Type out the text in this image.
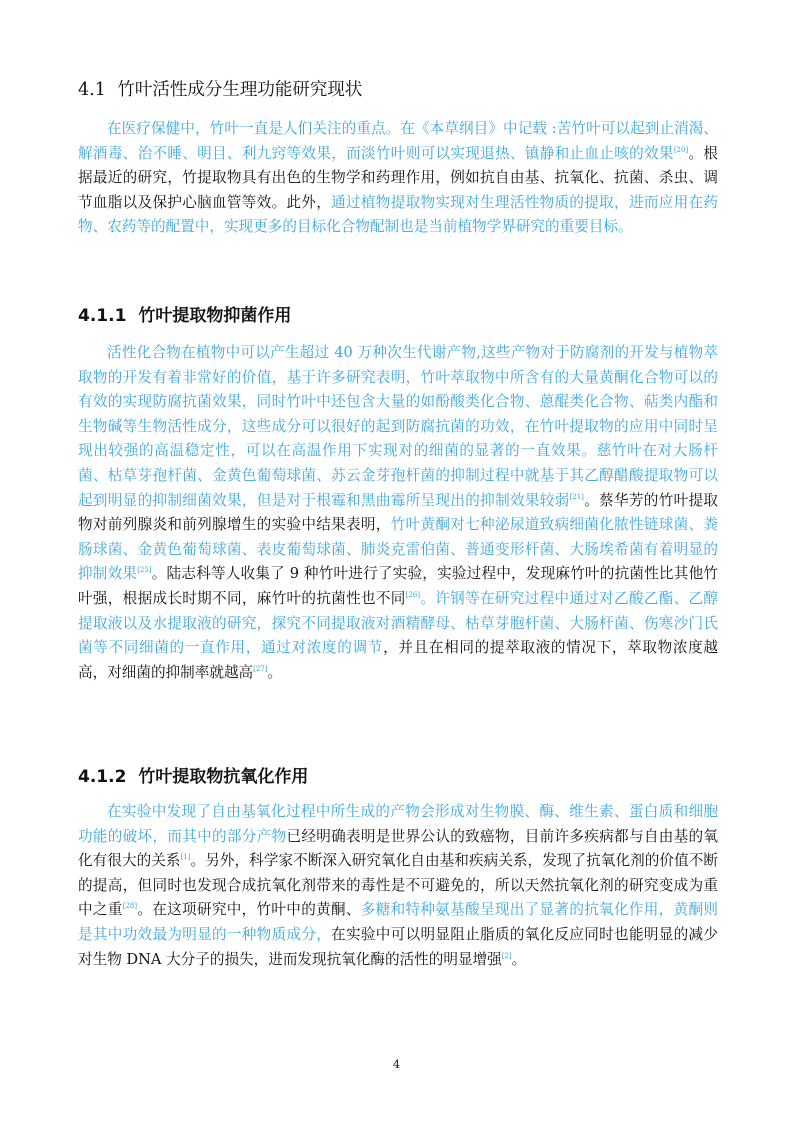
4.1 竹叶活性成分生理功能研究现状

在医疗保健中，竹叶一直是人们关注的重点。在《本草纲目》中记载 :苦竹叶可以起到止消渴、解酒毒、治不睡、明目、利九窍等效果，而淡竹叶则可以实现退热、镇静和止血止咳的效果[20]。根据最近的研究，竹提取物具有出色的生物学和药理作用，例如抗自由基、抗氧化、抗菌、杀虫、调节血脂以及保护心脑血管等效。此外，通过植物提取物实现对生理活性物质的提取，进而应用在药物、农药等的配置中，实现更多的目标化合物配制也是当前植物学界研究的重要目标。

4.1.1 竹叶提取物抑菌作用

活性化合物在植物中可以产生超过 40 万种次生代谢产物,这些产物对于防腐剂的开发与植物萃取物的开发有着非常好的价值，基于许多研究表明，竹叶萃取物中所含有的大量黄酮化合物可以的有效的实现防腐抗菌效果，同时竹叶中还包含大量的如酚酸类化合物、蒽醌类化合物、萜类内酯和生物碱等生物活性成分，这些成分可以很好的起到防腐抗菌的功效，在竹叶提取物的应用中同时呈现出较强的高温稳定性，可以在高温作用下实现对的细菌的显著的一直效果。慈竹叶在对大肠杆菌、枯草芽孢杆菌、金黄色葡萄球菌、苏云金芽孢杆菌的抑制过程中就基于其乙醇醋酸提取物可以起到明显的抑制细菌效果，但是对于根霉和黑曲霉所呈现出的抑制效果较弱[21]。蔡华芳的竹叶提取物对前列腺炎和前列腺增生的实验中结果表明，竹叶黄酮对七种泌尿道致病细菌化脓性链球菌、粪肠球菌、金黄色葡萄球菌、表皮葡萄球菌、肺炎克雷伯菌、普通变形杆菌、大肠埃希菌有着明显的抑制效果[25]。陆志科等人收集了 9 种竹叶进行了实验，实验过程中，发现麻竹叶的抗菌性比其他竹叶强，根据成长时期不同，麻竹叶的抗菌性也不同[26]。许钢等在研究过程中通过对乙酸乙酯、乙醇提取液以及水提取液的研究，探究不同提取液对酒精酵母、枯草芽胞杆菌、大肠杆菌、伤寒沙门氏菌等不同细菌的一直作用，通过对浓度的调节，并且在相同的提萃取液的情况下，萃取物浓度越高，对细菌的抑制率就越高[27]。

4.1.2 竹叶提取物抗氧化作用

在实验中发现了自由基氧化过程中所生成的产物会形成对生物膜、酶、维生素、蛋白质和细胞功能的破坏，而其中的部分产物已经明确表明是世界公认的致癌物，目前许多疾病都与自由基的氧化有很大的关系[1]。另外，科学家不断深入研究氧化自由基和疾病关系，发现了抗氧化剂的价值不断的提高，但同时也发现合成抗氧化剂带来的毒性是不可避免的，所以天然抗氧化剂的研究变成为重中之重[28]。在这项研究中，竹叶中的黄酮、多糖和特种氨基酸呈现出了显著的抗氧化作用，黄酮则是其中功效最为明显的一种物质成分，在实验中可以明显阻止脂质的氧化反应同时也能明显的减少对生物 DNA 大分子的损失，进而发现抗氧化酶的活性的明显增强[2]。

4
